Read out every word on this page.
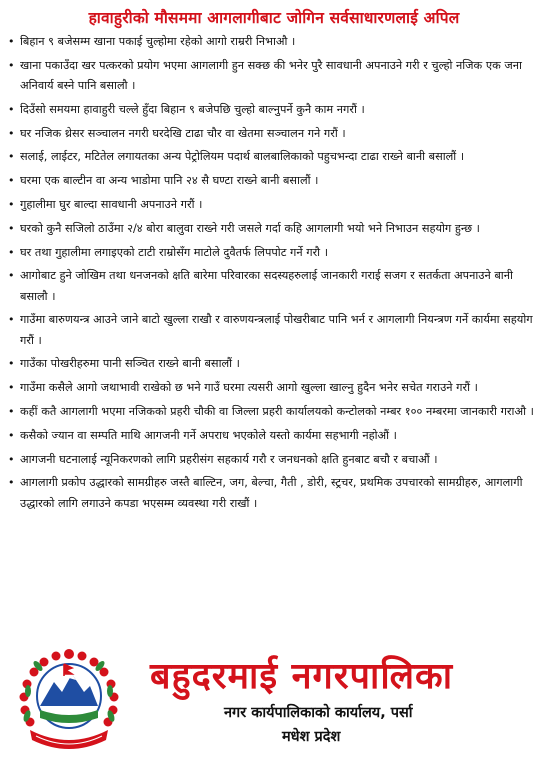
हावाहुरीको मौसममा आगलागीबाट जोगिन सर्वसाधारणलाई अपिल
• बिहान ९ बजेसम्म खाना पकाई चुल्होमा रहेको आगो राम्ररी निभाऔ ।
• खाना पकाउँदा खर पत्करको प्रयोग भएमा आगलागी हुन सक्छ की भनेर पुरै सावधानी अपनाउने गरी र चुल्हो नजिक एक जना अनिवार्य बस्ने पानि बसालौ ।
• दिउँसो समयमा हावाहुरी चल्ले हुँदा बिहान ९ बजेपछि चुल्हो बाल्नुपर्ने कुनै काम नगरौं ।
• घर नजिक थ्रेसर सञ्चालन नगरी घरदेखि टाढा चौर वा खेतमा सञ्चालन गने गरौं ।
• सलाई, लाईटर, मटितेल लगायतका अन्य पेट्रोलियम पदार्थ बालबालिकाको पहुचभन्दा टाढा राख्ने बानी बसालौं ।
• घरमा एक बाल्टीन वा अन्य भाडोमा पानि २४ सै घण्टा राख्ने बानी बसालौं ।
• गुहालीमा घुर बाल्दा सावधानी अपनाउने गरौं ।
• घरको कुनै सजिलो ठाउँमा २/४ बोरा बालुवा राख्ने गरी जसले गर्दा कहि आगलागी भयो भने निभाउन सहयोग हुन्छ ।
• घर तथा गुहालीमा लगाइएको टाटी राम्रोसँग माटोले दुवैतर्फ लिपपोट गर्ने गरौ ।
• आगोबाट हुने जोखिम तथा धनजनको क्षति बारेमा परिवारका सदस्यहरुलाई जानकारी गराई सजग र सतर्कता अपनाउने बानी बसालौ ।
• गाउँमा बारुणयन्त्र आउने जाने बाटो खुल्ला राखौ र वारुणयन्त्रलाई पोखरीबाट पानि भर्न र आगलागी नियन्त्रण गर्ने कार्यमा सहयोग गरौं ।
• गाउँका पोखरीहरुमा पानी सञ्चित राख्ने बानी बसालौं ।
• गाउँमा कसैले आगो जथाभावी राखेको छ भने गाउँ घरमा त्यसरी आगो खुल्ला खाल्नु हुदैन भनेर सचेत गराउने गरौं ।
• कहीं कतै आगलागी भएमा नजिकको प्रहरी चौकी वा जिल्ला प्रहरी कार्यालयको कन्टोलको नम्बर १०० नम्बरमा जानकारी गराऔ ।
• कसैको ज्यान वा सम्पति माथि आगजनी गर्ने अपराध भएकोले यस्तो कार्यमा सहभागी नहोऔं ।
• आगजनी घटनालाई न्यूनिकरणको लागि प्रहरीसंग सहकार्य गरौ र जनधनको क्षति हुनबाट बचौ र बचाऔं ।
• आगलागी प्रकोप उद्धारको सामग्रीहरु जस्तै बाल्टिन, जग, बेल्चा, गैती , डोरी, स्ट्रचर, प्रथमिक उपचारको सामग्रीहरु, आगलागी उद्धारको लागि लगाउने कपडा भएसम्म व्यवस्था गरी राखौं ।
बहुदरमाई नगरपालिका
नगर कार्यपालिकाको कार्यालय, पर्सा
मधेश प्रदेश
